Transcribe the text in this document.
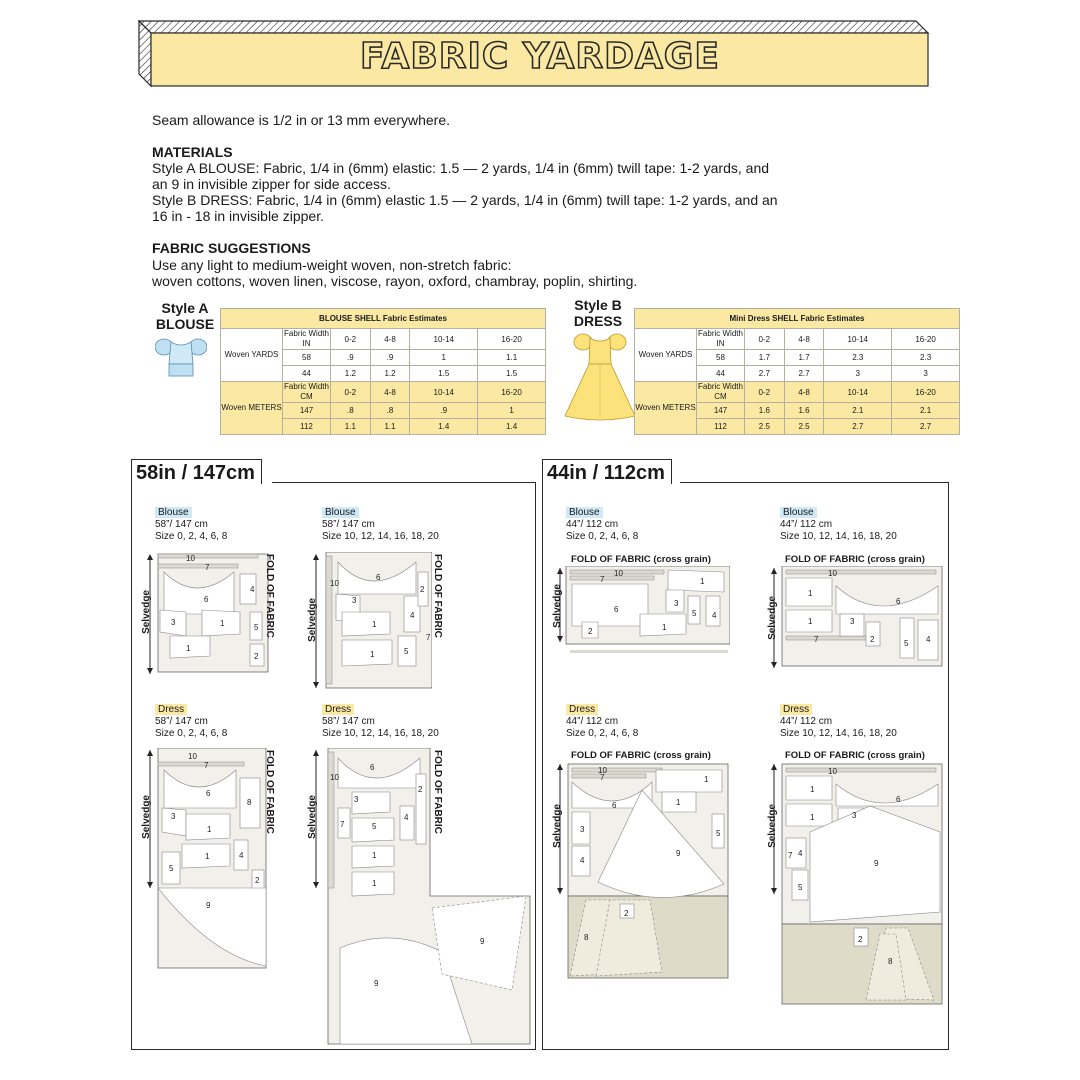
FABRIC YARDAGE
Seam allowance is 1/2 in or 13 mm everywhere.
MATERIALS
Style A BLOUSE: Fabric, 1/4 in (6mm) elastic: 1.5 — 2 yards, 1/4 in (6mm) twill tape: 1-2 yards, and
an 9 in invisible zipper for side access.
Style B DRESS: Fabric, 1/4 in (6mm) elastic 1.5 — 2 yards, 1/4 in (6mm) twill tape: 1-2 yards, and an
16 in - 18 in invisible zipper.
FABRIC SUGGESTIONS
Use any light to medium-weight woven, non-stretch fabric:
woven cottons, woven linen, viscose, rayon, oxford, chambray, poplin, shirting.
Style A
BLOUSE	BLOUSE SHELL Fabric Estimates					
Woven YARDS	Fabric Width IN	0-2	4-8	10-14	16-20
	58	.9	.9	1	1.1
	44	1.2	1.2	1.5	1.5
Woven METERS	Fabric Width CM	0-2	4-8	10-14	16-20
	147	.8	.8	.9	1
	112	1.1	1.1	1.4	1.4
Style B
DRESS	Mini Dress SHELL Fabric Estimates					
Woven YARDS	Fabric Width IN	0-2	4-8	10-14	16-20
	58	1.7	1.7	2.3	2.3
	44	2.7	2.7	3	3
Woven METERS	Fabric Width CM	0-2	4-8	10-14	16-20
	147	1.6	1.6	2.1	2.1
	112	2.5	2.5	2.7	2.7
58in / 147cm	44in / 112cm
Blouse
58”/ 147 cm
Size 0, 2, 4, 6, 8
Selvedge
10
7
6
3	1
1
4
5
2
FOLD OF FABRIC
Blouse
58”/ 147 cm
Size 10, 12, 14, 16, 18, 20
Selvedge
10
6
3
1
1
4
5
2
7 FOLD OF FABRIC
Dress
58”/ 147 cm
Size 0, 2, 4, 6, 8
Selvedge
10
7
6
3
1
1
5
8
4
2
9
FOLD OF FABRIC
Dress
58”/ 147 cm
Size 10, 12, 14, 16, 18, 20
Selvedge
10
6
3
7	5
4
2
1
1
9
9
FOLD OF FABRIC
Blouse
44”/ 112 cm
Size 0, 2, 4, 6, 8
FOLD OF FABRIC (cross grain)
Selvedge
10
7
6
2	1
1
3
5 4
Blouse
44”/ 112 cm
Size 10, 12, 14, 16, 18, 20
FOLD OF FABRIC (cross grain)
Selvedge
10
1
1
6
3
7	2	5 4
Dress
44”/ 112 cm
Size 0, 2, 4, 6, 8
FOLD OF FABRIC (cross grain)
Selvedge
10
7
6
3
4
1
1
5
9
8
2
Dress
44”/ 112 cm
Size 10, 12, 14, 16, 18, 20
FOLD OF FABRIC (cross grain)
Selvedge
10
1
1
6
3
7 4
5
9
2
8
